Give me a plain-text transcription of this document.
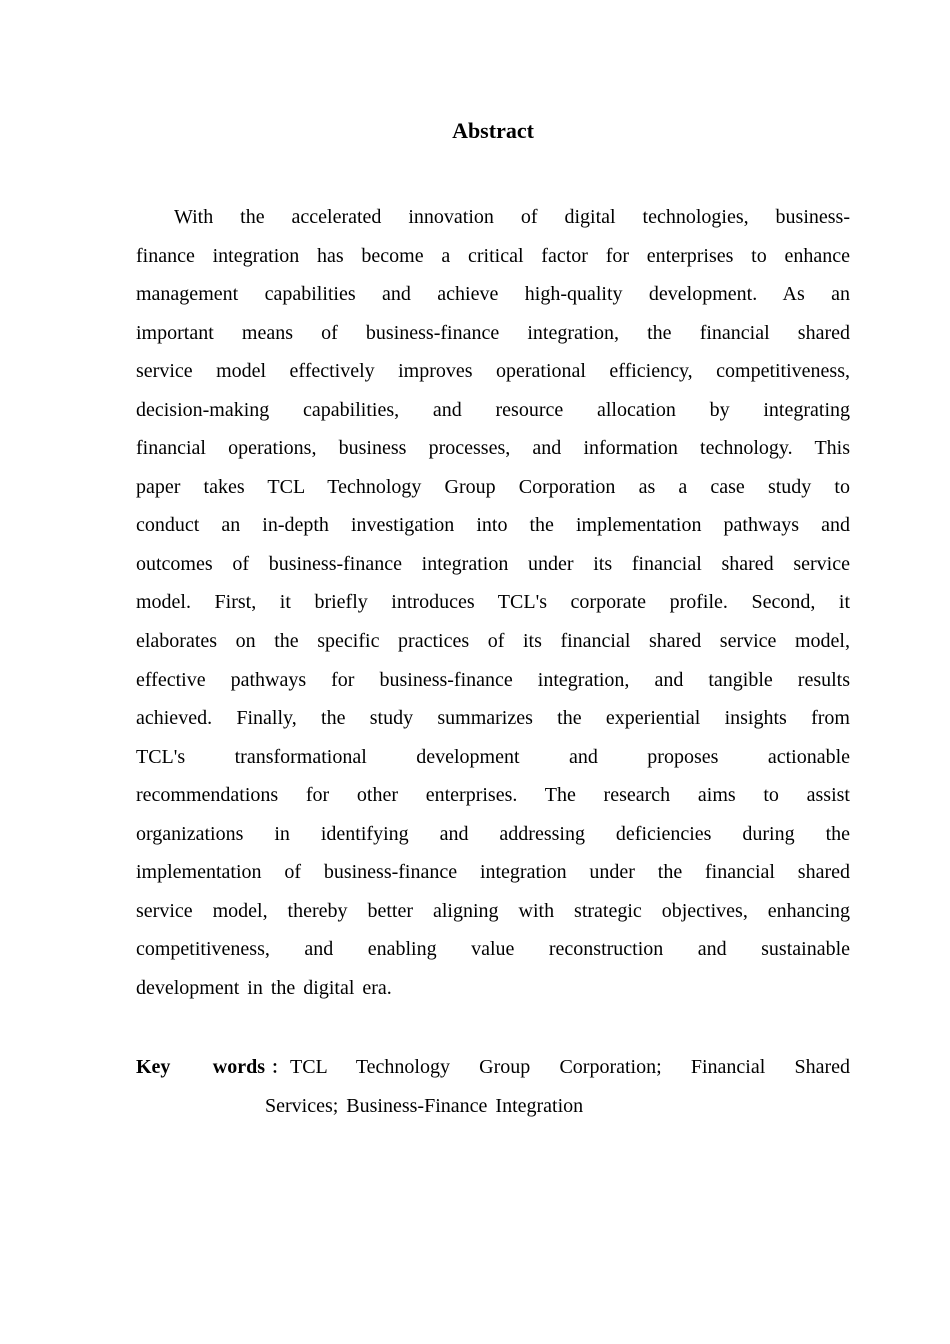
Abstract
With the accelerated innovation of digital technologies, business-
finance integration has become a critical factor for enterprises to enhance
management capabilities and achieve high-quality development. As an
important means of business-finance integration, the financial shared
service model effectively improves operational efficiency, competitiveness,
decision-making capabilities, and resource allocation by integrating
financial operations, business processes, and information technology. This
paper takes TCL Technology Group Corporation as a case study to
conduct an in-depth investigation into the implementation pathways and
outcomes of business-finance integration under its financial shared service
model. First, it briefly introduces TCL's corporate profile. Second, it
elaborates on the specific practices of its financial shared service model,
effective pathways for business-finance integration, and tangible results
achieved. Finally, the study summarizes the experiential insights from
TCL's transformational development and proposes actionable
recommendations for other enterprises. The research aims to assist
organizations in identifying and addressing deficiencies during the
implementation of business-finance integration under the financial shared
service model, thereby better aligning with strategic objectives, enhancing
competitiveness, and enabling value reconstruction and sustainable
development in the digital era.
Key words ： TCL Technology Group Corporation; Financial Shared
Services; Business-Finance Integration
